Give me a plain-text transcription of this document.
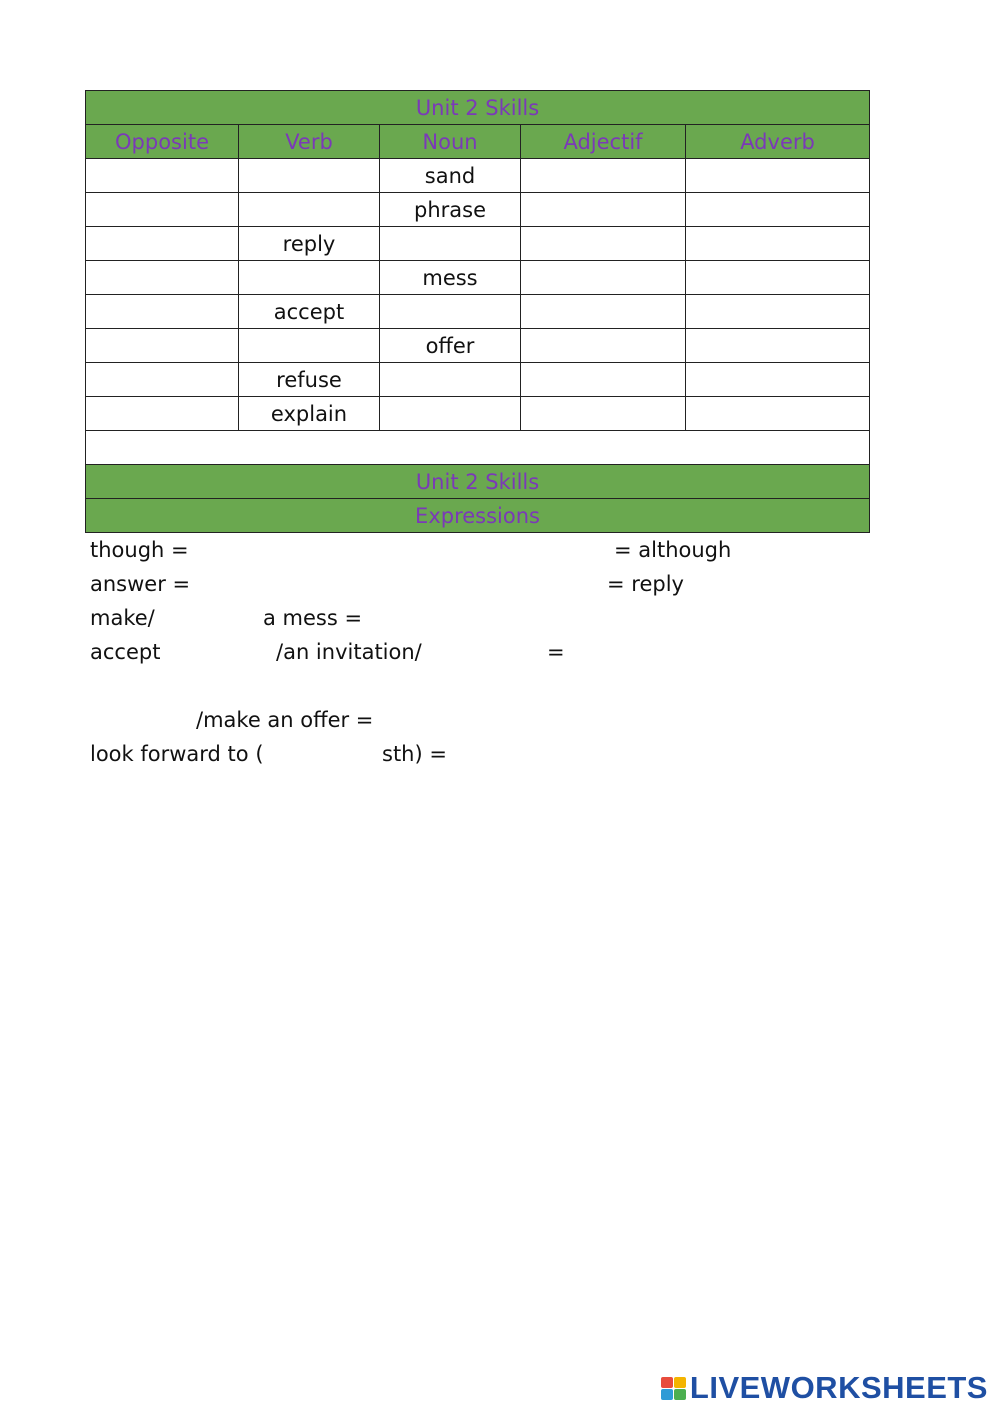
Unit 2 Skills				
Opposite	Verb	Noun	Adjectif	Adverb
		sand		
		phrase		
	reply			
		mess		
	accept			
		offer		
	refuse			
	explain			

Unit 2 Skills				
Expressions				
though =	= although
answer =	= reply
make/	a mess =
accept	/an invitation/	=
/make an offer =
look forward to (	sth) =
LIVEWORKSHEETS
